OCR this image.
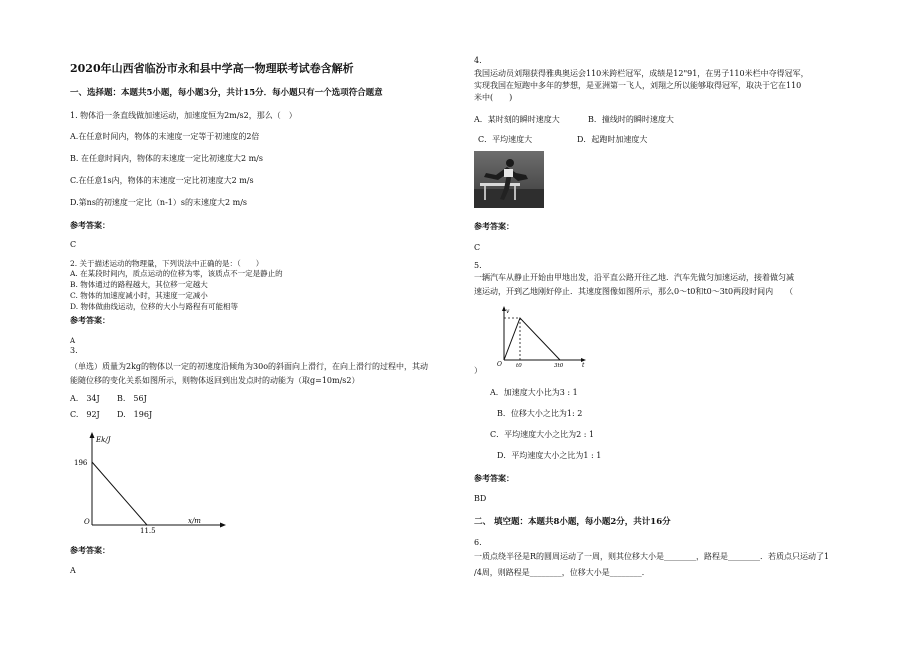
2020年山西省临汾市永和县中学高一物理联考试卷含解析
一、选择题：本题共5小题，每小题3分，共计15分．每小题只有一个选项符合题意
1. 物体沿一条直线做加速运动，加速度恒为2m/s2，那么（　）
A.在任意时间内，物体的末速度一定等于初速度的2倍
B. 在任意时间内，物体的末速度一定比初速度大2 m/s
C.在任意1s内，物体的末速度一定比初速度大2 m/s
D.第ns的初速度一定比（n-1）s的末速度大2 m/s
参考答案：
C
2. 关于描述运动的物理量，下列说法中正确的是：（　　）
A. 在某段时间内，质点运动的位移为零，该质点不一定是静止的
B. 物体通过的路程越大，其位移一定越大
C. 物体的加速度减小时，其速度一定减小
D. 物体做曲线运动，位移的大小与路程有可能相等
参考答案：
A
3.
（单选）质量为2kg的物体以一定的初速度沿倾角为30o的斜面向上滑行，在向上滑行的过程中，其动
能随位移的变化关系如图所示，则物体返回到出发点时的动能为（取g=10m/s2）
A.　34J B.　56J
C.　92J D.　196J
Ek/J
196
O
11.5
x/m
参考答案：
A
4.
我国运动员刘翔获得雅典奥运会110米跨栏冠军，成绩是12"91，在男子110米栏中夺得冠军，
实现我国在短跑中多年的梦想，是亚洲第一飞人，刘翔之所以能够取得冠军，取决于它在110
米中(　　)
A．某时刻的瞬时速度大	B．撞线时的瞬时速度大
C．平均速度大	D．起跑时加速度大
参考答案：
C
5.
一辆汽车从静止开始由甲地出发，沿平直公路开往乙地．汽车先做匀加速运动，接着做匀减
速运动，开到乙地刚好停止．其速度图像如图所示，那么0～t0和t0～3t0两段时间内　　（
v
O	t0	3t0	t
）
A．加速度大小比为3 : 1
B．位移大小之比为1: 2
C．平均速度大小之比为2 : 1
D．平均速度大小之比为1 : 1
参考答案：
BD
二、 填空题：本题共8小题，每小题2分，共计16分
6.
一质点绕半径是R的圆周运动了一周，则其位移大小是________，路程是________．若质点只运动了1
/4周，则路程是________，位移大小是________．
